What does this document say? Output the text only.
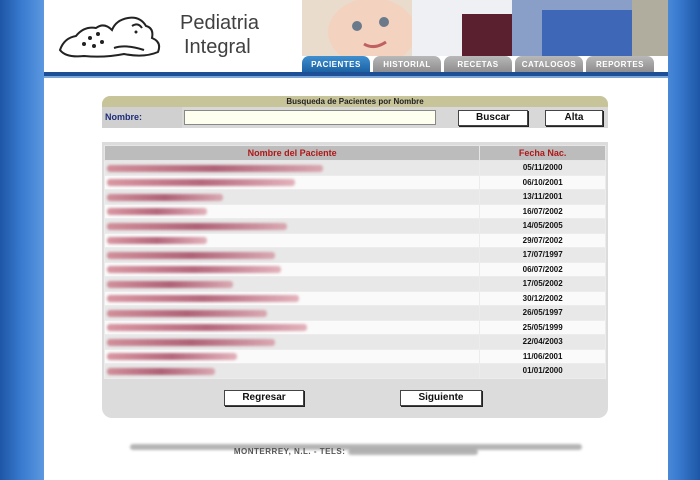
Pediatria
Integral
PACIENTES	HISTORIAL	RECETAS	CATALOGOS	REPORTES
Busqueda de Pacientes por Nombre
Nombre:	Buscar	Alta
Nombre del Paciente	Fecha Nac.
	05/11/2000
	06/10/2001
	13/11/2001
	16/07/2002
	14/05/2005
	29/07/2002
	17/07/1997
	06/07/2002
	17/05/2002
	30/12/2002
	26/05/1997
	25/05/1999
	22/04/2003
	11/06/2001
	01/01/2000
Regresar	Siguiente
MONTERREY, N.L. - TELS:
